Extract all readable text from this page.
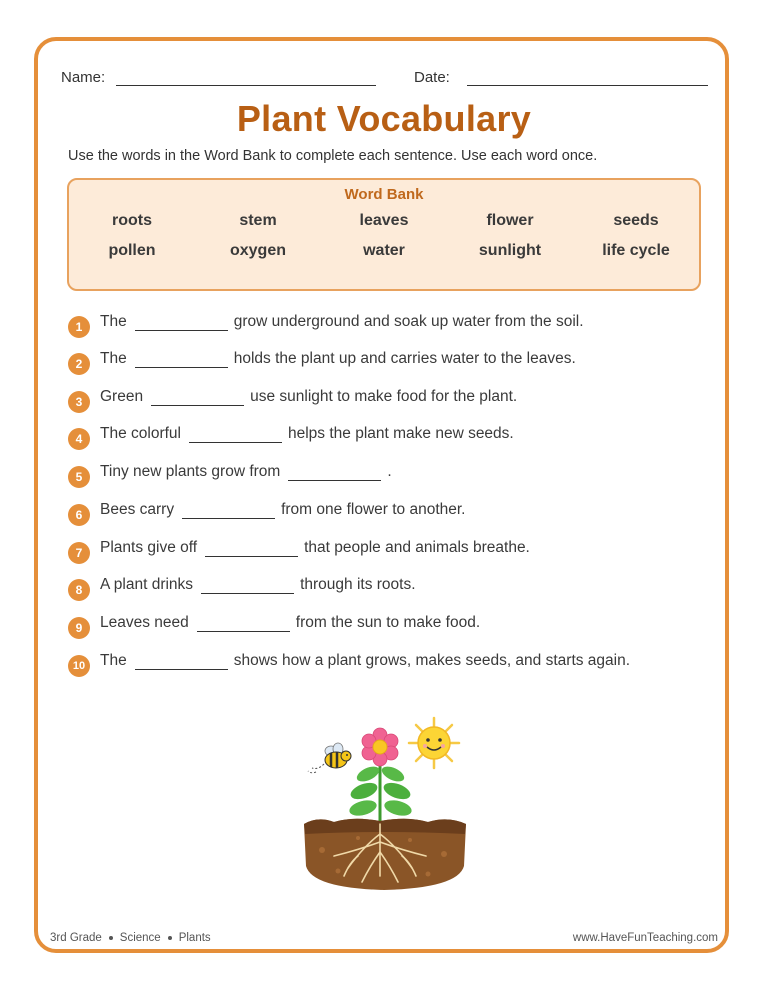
Name:	Date:
Plant Vocabulary
Use the words in the Word Bank to complete each sentence. Use each word once.
Word Bank
roots	stem	leaves	flower	seeds
pollen	oxygen	water	sunlight	life cycle
1	The	grow underground and soak up water from the soil.
2	The	holds the plant up and carries water to the leaves.
3	Green	use sunlight to make food for the plant.
4	The colorful	helps the plant make new seeds.
5	Tiny new plants grow from	.
6	Bees carry	from one flower to another.
7	Plants give off	that people and animals breathe.
8	A plant drinks	through its roots.
9	Leaves need	from the sun to make food.
10 The	shows how a plant grows, makes seeds, and starts again.
3rd Grade Science Plants	www.HaveFunTeaching.com
